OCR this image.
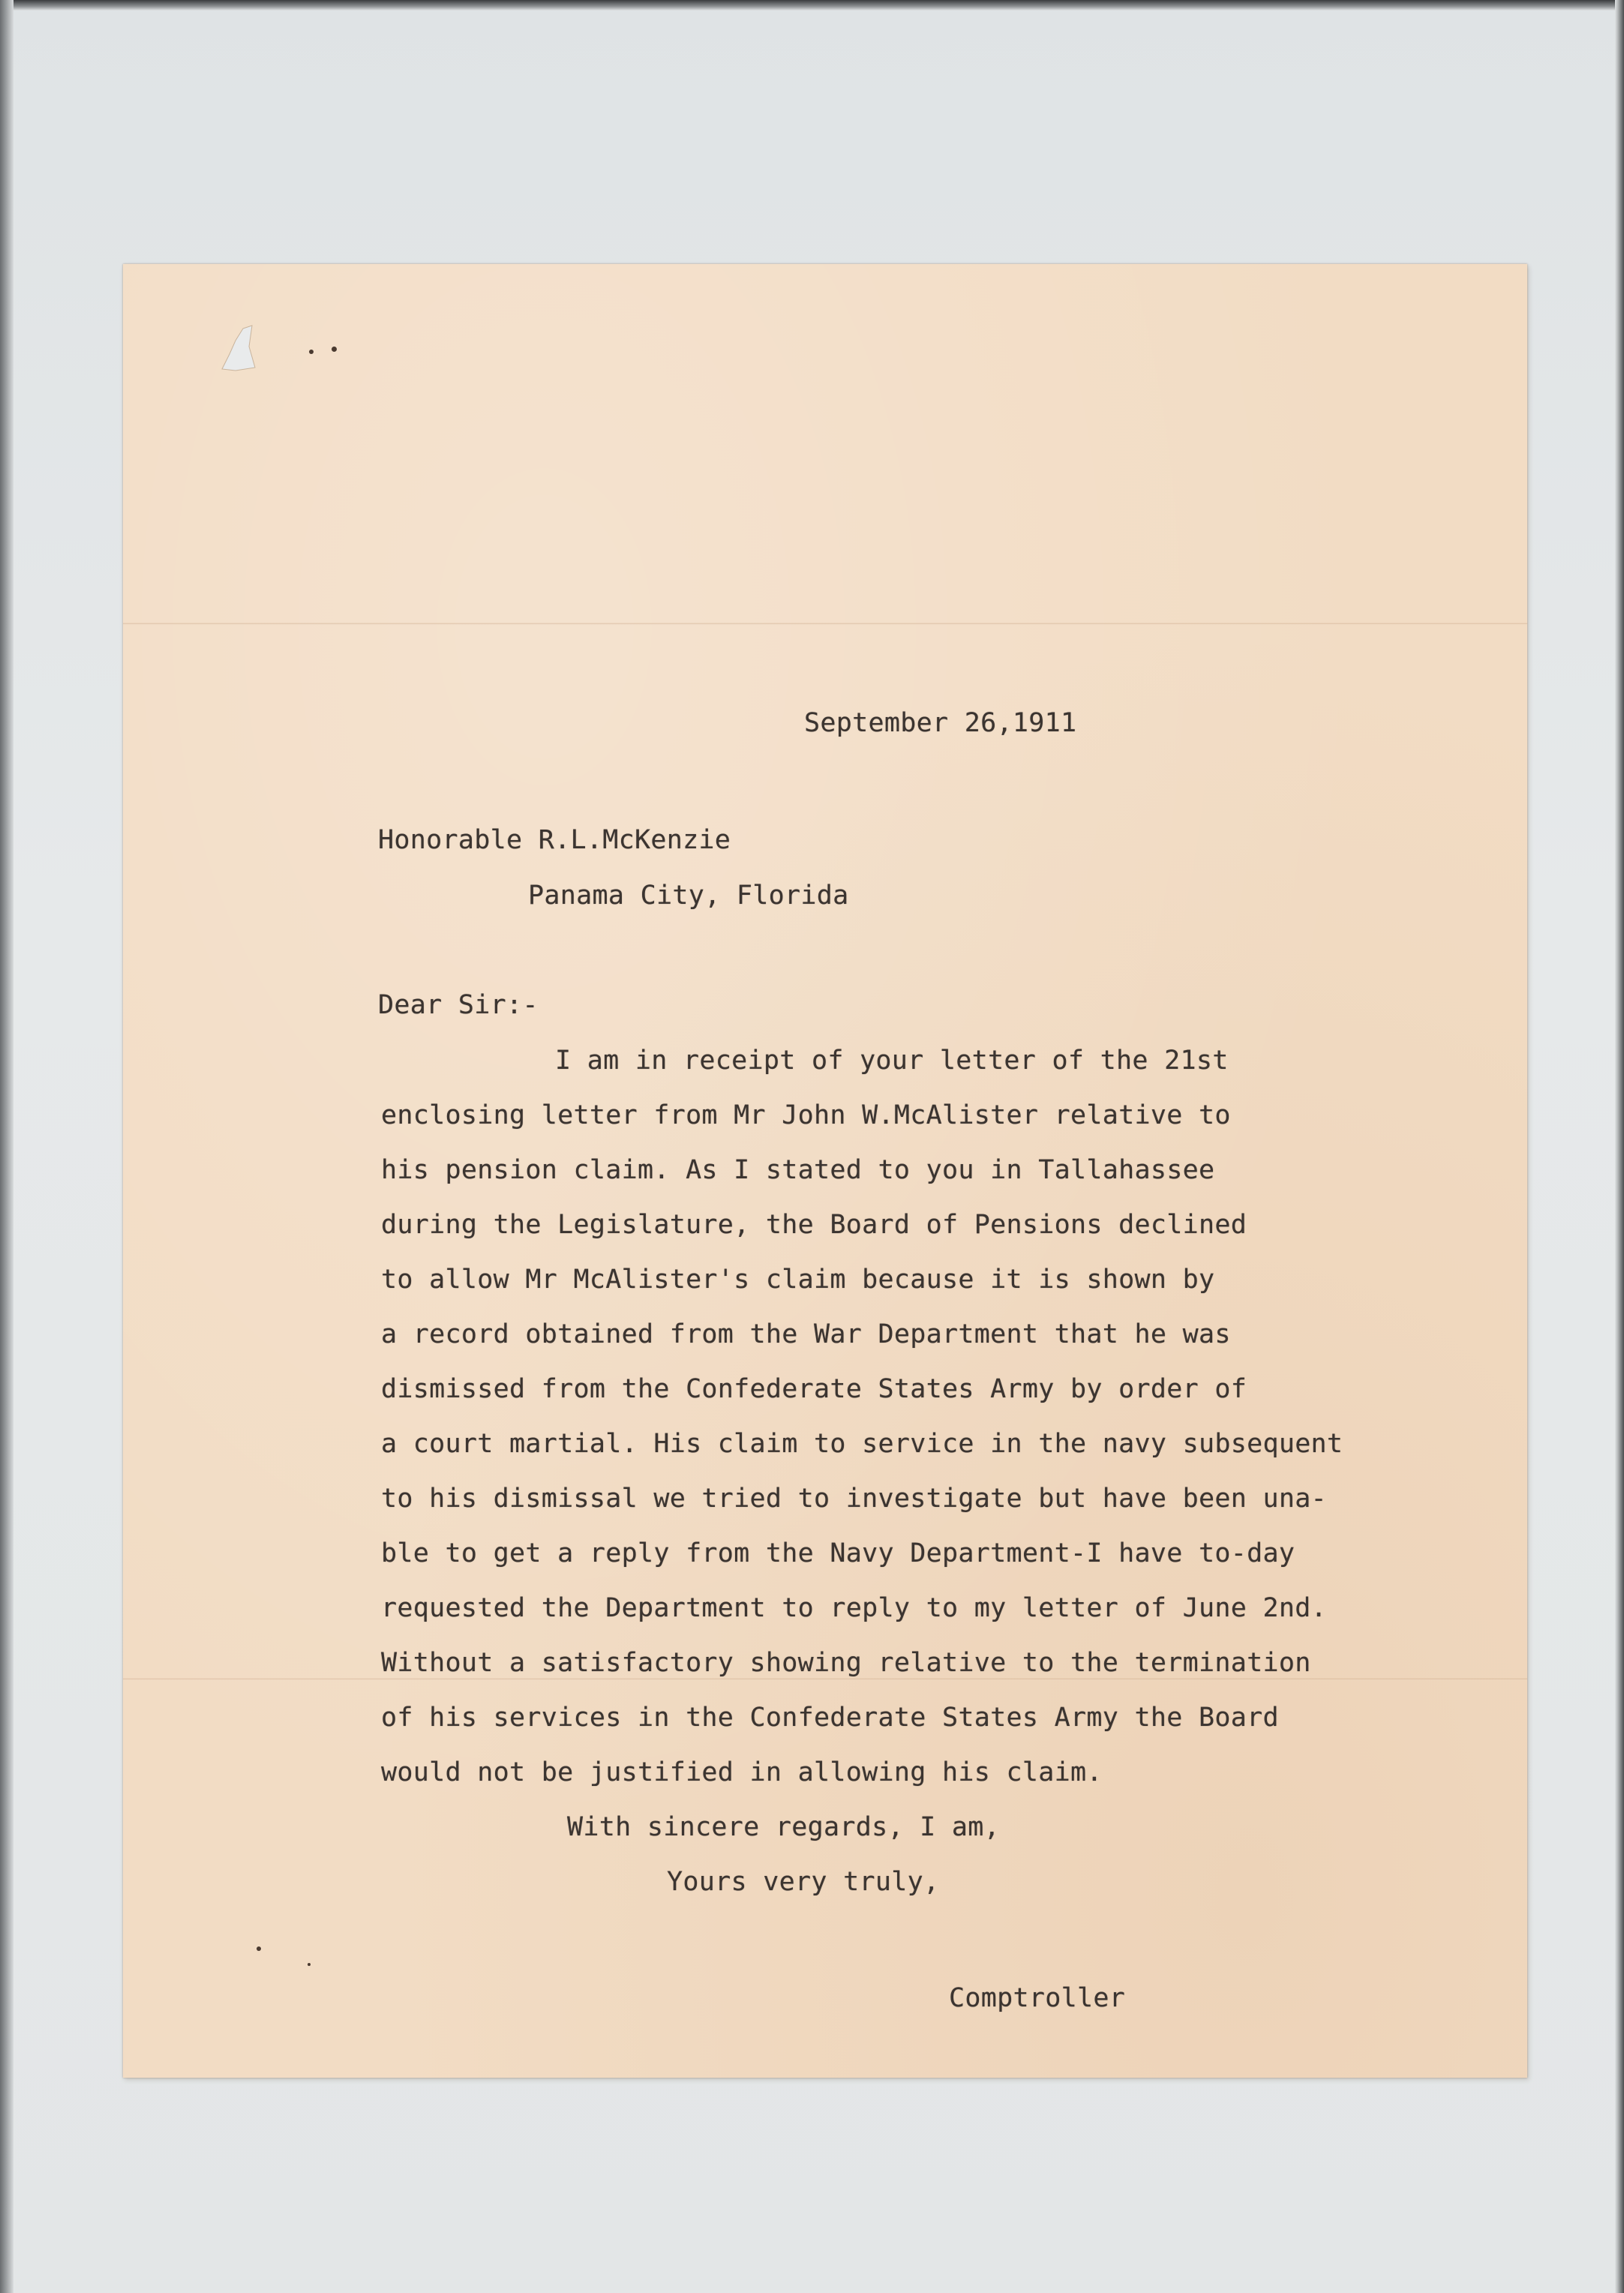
September 26,1911
Honorable R.L.McKenzie
Panama City, Florida
Dear Sir:-
I am in receipt of your letter of the 21st
enclosing letter from Mr John W.McAlister relative to
his pension claim. As I stated to you in Tallahassee
during the Legislature, the Board of Pensions declined
to allow Mr McAlister's claim because it is shown by
a record obtained from the War Department that he was
dismissed from the Confederate States Army by order of
a court martial. His claim to service in the navy subsequent
to his dismissal we tried to investigate but have been una-
ble to get a reply from the Navy Department-I have to-day
requested the Department to reply to my letter of June 2nd.
Without a satisfactory showing relative to the termination
of his services in the Confederate States Army the Board
would not be justified in allowing his claim.
With sincere regards, I am,
Yours very truly,
Comptroller
